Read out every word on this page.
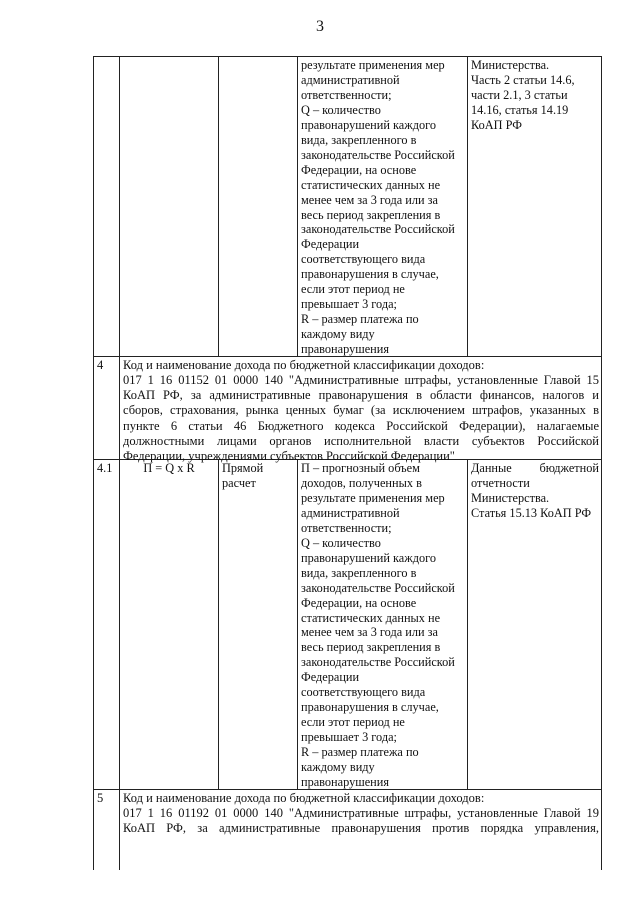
3
результате применения мер
административной
ответственности;
Q – количество
правонарушений каждого
вида, закрепленного в
законодательстве Российской
Федерации, на основе
статистических данных не
менее чем за 3 года или за
весь период закрепления в
законодательстве Российской
Федерации
соответствующего вида
правонарушения в случае,
если этот период не
превышает 3 года;
R – размер платежа по
каждому виду
правонарушения
Министерства.
Часть 2 статьи 14.6,
части 2.1, 3 статьи
14.16, статья 14.19
КоАП РФ
4 Код и наименование дохода по бюджетной классификации доходов:
017 1 16 01152 01 0000 140 "Административные штрафы, установленные Главой 15
КоАП РФ, за административные правонарушения в области финансов, налогов и
сборов, страхования, рынка ценных бумаг (за исключением штрафов, указанных в
пункте 6 статьи 46 Бюджетного кодекса Российской Федерации), налагаемые
должностными лицами органов исполнительной власти субъектов Российской
Федерации, учреждениями субъектов Российской Федерации"
4.1	П = Q x R	Прямой
расчет
П – прогнозный объем
доходов, полученных в
результате применения мер
административной
ответственности;
Q – количество
правонарушений каждого
вида, закрепленного в
законодательстве Российской
Федерации, на основе
статистических данных не
менее чем за 3 года или за
весь период закрепления в
законодательстве Российской
Федерации
соответствующего вида
правонарушения в случае,
если этот период не
превышает 3 года;
R – размер платежа по
каждому виду
правонарушения
Данные бюджетной
отчетности
Министерства.
Статья 15.13 КоАП РФ
5 Код и наименование дохода по бюджетной классификации доходов:
017 1 16 01192 01 0000 140 "Административные штрафы, установленные Главой 19
КоАП РФ, за административные правонарушения против порядка управления,
